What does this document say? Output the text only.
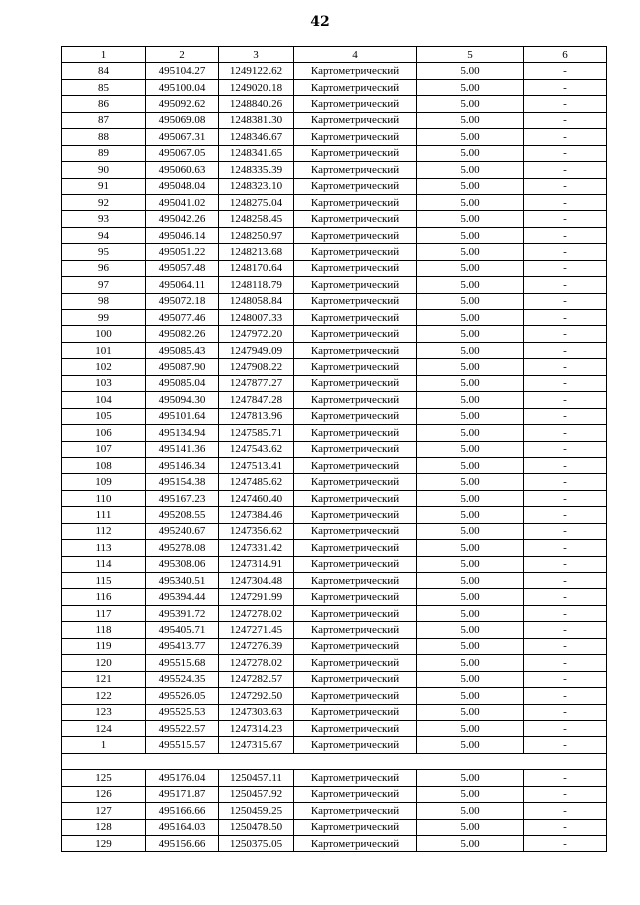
42
1	2	3	4	5	6
84	495104.27	1249122.62	Картометрический	5.00	-
85	495100.04	1249020.18	Картометрический	5.00	-
86	495092.62	1248840.26	Картометрический	5.00	-
87	495069.08	1248381.30	Картометрический	5.00	-
88	495067.31	1248346.67	Картометрический	5.00	-
89	495067.05	1248341.65	Картометрический	5.00	-
90	495060.63	1248335.39	Картометрический	5.00	-
91	495048.04	1248323.10	Картометрический	5.00	-
92	495041.02	1248275.04	Картометрический	5.00	-
93	495042.26	1248258.45	Картометрический	5.00	-
94	495046.14	1248250.97	Картометрический	5.00	-
95	495051.22	1248213.68	Картометрический	5.00	-
96	495057.48	1248170.64	Картометрический	5.00	-
97	495064.11	1248118.79	Картометрический	5.00	-
98	495072.18	1248058.84	Картометрический	5.00	-
99	495077.46	1248007.33	Картометрический	5.00	-
100	495082.26	1247972.20	Картометрический	5.00	-
101	495085.43	1247949.09	Картометрический	5.00	-
102	495087.90	1247908.22	Картометрический	5.00	-
103	495085.04	1247877.27	Картометрический	5.00	-
104	495094.30	1247847.28	Картометрический	5.00	-
105	495101.64	1247813.96	Картометрический	5.00	-
106	495134.94	1247585.71	Картометрический	5.00	-
107	495141.36	1247543.62	Картометрический	5.00	-
108	495146.34	1247513.41	Картометрический	5.00	-
109	495154.38	1247485.62	Картометрический	5.00	-
110	495167.23	1247460.40	Картометрический	5.00	-
111	495208.55	1247384.46	Картометрический	5.00	-
112	495240.67	1247356.62	Картометрический	5.00	-
113	495278.08	1247331.42	Картометрический	5.00	-
114	495308.06	1247314.91	Картометрический	5.00	-
115	495340.51	1247304.48	Картометрический	5.00	-
116	495394.44	1247291.99	Картометрический	5.00	-
117	495391.72	1247278.02	Картометрический	5.00	-
118	495405.71	1247271.45	Картометрический	5.00	-
119	495413.77	1247276.39	Картометрический	5.00	-
120	495515.68	1247278.02	Картометрический	5.00	-
121	495524.35	1247282.57	Картометрический	5.00	-
122	495526.05	1247292.50	Картометрический	5.00	-
123	495525.53	1247303.63	Картометрический	5.00	-
124	495522.57	1247314.23	Картометрический	5.00	-
1	495515.57	1247315.67	Картометрический	5.00	-

125	495176.04	1250457.11	Картометрический	5.00	-
126	495171.87	1250457.92	Картометрический	5.00	-
127	495166.66	1250459.25	Картометрический	5.00	-
128	495164.03	1250478.50	Картометрический	5.00	-
129	495156.66	1250375.05	Картометрический	5.00	-
